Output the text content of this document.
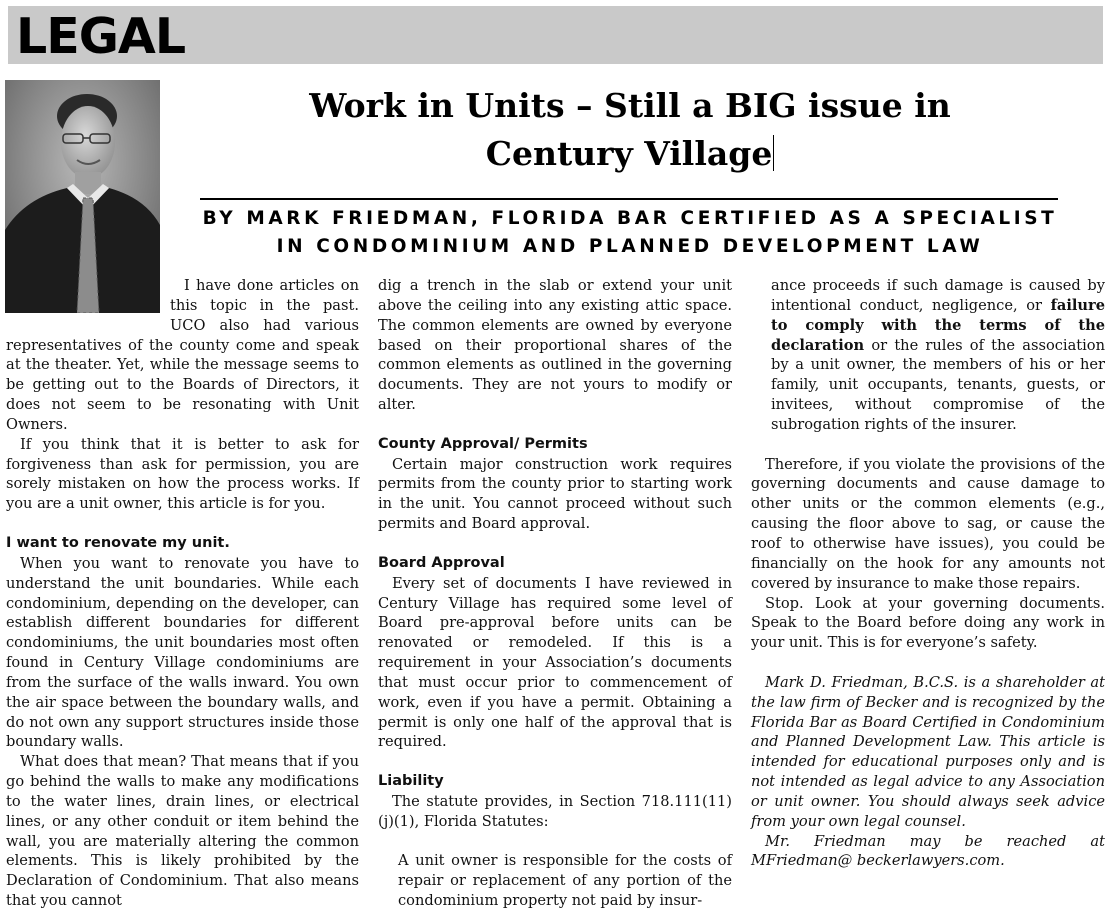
LEGAL
Work in Units – Still a BIG issue in
Century Village
BY MARK FRIEDMAN, FLORIDA BAR CERTIFIED AS A SPECIALIST
IN CONDOMINIUM AND PLANNED DEVELOPMENT LAW

I have done articles on this topic in the past. UCO also had various representatives of the county come and speak at the theater. Yet, while the message seems to be getting out to the Boards of Directors, it does not seem to be resonating with Unit Owners.

If you think that it is better to ask for forgiveness than ask for permission, you are sorely mistaken on how the process works. If you are a unit owner, this article is for you.

I want to renovate my unit.

When you want to renovate you have to understand the unit boundaries. While each condominium, depending on the developer, can establish different boundaries for different condominiums, the unit boundaries most often found in Century Village condominiums are from the surface of the walls inward. You own the air space between the boundary walls, and do not own any support structures inside those boundary walls.

What does that mean? That means that if you go behind the walls to make any modifications to the water lines, drain lines, or electrical lines, or any other conduit or item behind the wall, you are materially altering the common elements. This is likely prohibited by the Declaration of Condominium. That also means that you cannot

dig a trench in the slab or extend your unit above the ceiling into any existing attic space. The common elements are owned by everyone based on their proportional shares of the common elements as outlined in the governing documents. They are not yours to modify or alter.

County Approval/ Permits

Certain major construction work requires permits from the county prior to starting work in the unit. You cannot proceed without such permits and Board approval.

Board Approval

Every set of documents I have reviewed in Century Village has required some level of Board pre-approval before units can be renovated or remodeled. If this is a requirement in your Association’s documents that must occur prior to commencement of work, even if you have a permit. Obtaining a permit is only one half of the approval that is required.

Liability

The statute provides, in Section 718.111(11)(j)(1), Florida Statutes:

A unit owner is responsible for the costs of repair or replacement of any portion of the condominium property not paid by insur-

ance proceeds if such damage is caused by intentional conduct, negligence, or failure to comply with the terms of the declaration or the rules of the association by a unit owner, the members of his or her family, unit occupants, tenants, guests, or invitees, without compromise of the subrogation rights of the insurer.

Therefore, if you violate the provisions of the governing documents and cause damage to other units or the common elements (e.g., causing the floor above to sag, or cause the roof to otherwise have issues), you could be financially on the hook for any amounts not covered by insurance to make those repairs.

Stop. Look at your governing documents. Speak to the Board before doing any work in your unit. This is for everyone’s safety.

Mark D. Friedman, B.C.S. is a shareholder at the law firm of Becker and is recognized by the Florida Bar as Board Certified in Condominium and Planned Development Law. This article is intended for educational purposes only and is not intended as legal advice to any Association or unit owner. You should always seek advice from your own legal counsel.

Mr. Friedman may be reached at MFriedman@ beckerlawyers.com.
